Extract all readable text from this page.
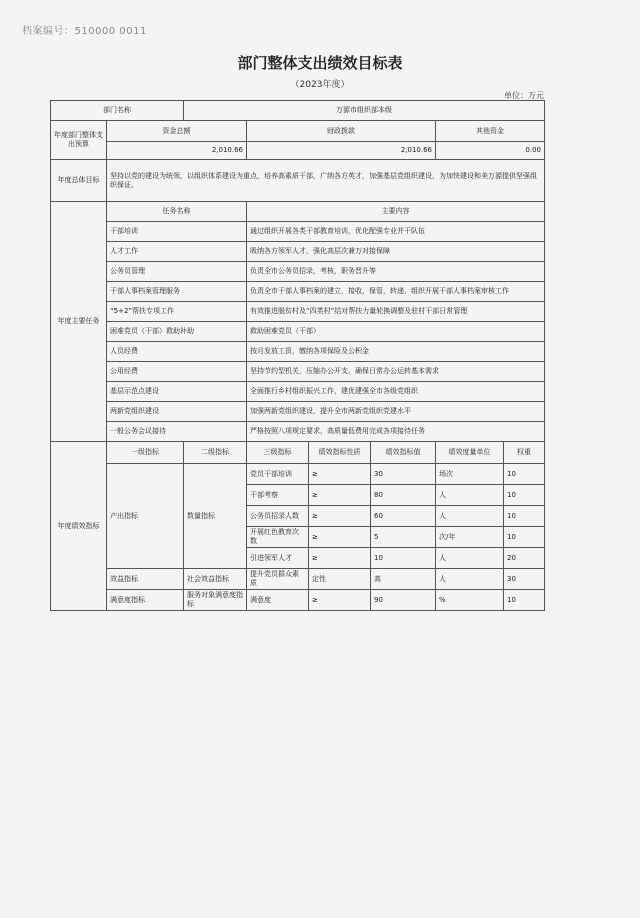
档案编号：510000 0011
部门整体支出绩效目标表
（2023年度）
单位：万元
部门名称		万源市组织部本级					
年度部门整体支出预算	资金总额		财政拨款			其他资金	
	2,010.66		2,010.66			0.00	
年度总体目标	坚持以党的建设为统领，以组织体系建设为重点，培养高素质干部，广纳各方英才，加强基层党组织建设，为加快建设和美万源提供坚强组织保证。						
年度主要任务	任务名称		主要内容				
	干部培训		通过组织开展各类干部教育培训，优化配强专业并干队伍				
	人才工作		吸纳各方领军人才，强化高层次兼万对接保障				
	公务员管理		负责全市公务员招录，考核，职务晋升等				
	干部人事档案管理服务		负责全市干部人事档案的建立，接收，保管，转递，组织开展干部人事档案审核工作				
	“5+2”帮扶专项工作		有效推进脱贫村及“四类村”结对帮扶力量轮换调整及驻村干部日常管理				
	困难党员（干部）救助补助		救助困难党员（干部）				
	人员经费		按月发放工资，缴纳各项保险及公积金				
	公用经费		坚持节约型机关，压缩办公开支，确保日常办公运转基本需求				
	基层示范点建设		全面推行乡村组织振兴工作，建优建强全市各级党组织				
	两新党组织建设		加强两新党组织建设，提升全市两新党组织党建水平				
	一般公务会议接待		严格按照八项规定要求，高质量低费用完成各项接待任务				
年度绩效指标	一级指标	二级指标	三级指标	绩效指标性质	绩效指标值	绩效度量单位	权重
	产出指标	数量指标	党员干部培训	≥	30	场次	10
			干部考察	≥	80	人	10
			公务员招录人数	≥	60	人	10
			开展红色教育次数	≥	5	次/年	10
			引进领军人才	≥	10	人	20
	效益指标	社会效益指标	提升党员群众素质	定性	高	人	30
	满意度指标	服务对象满意度指标	满意度	≥	90	%	10
